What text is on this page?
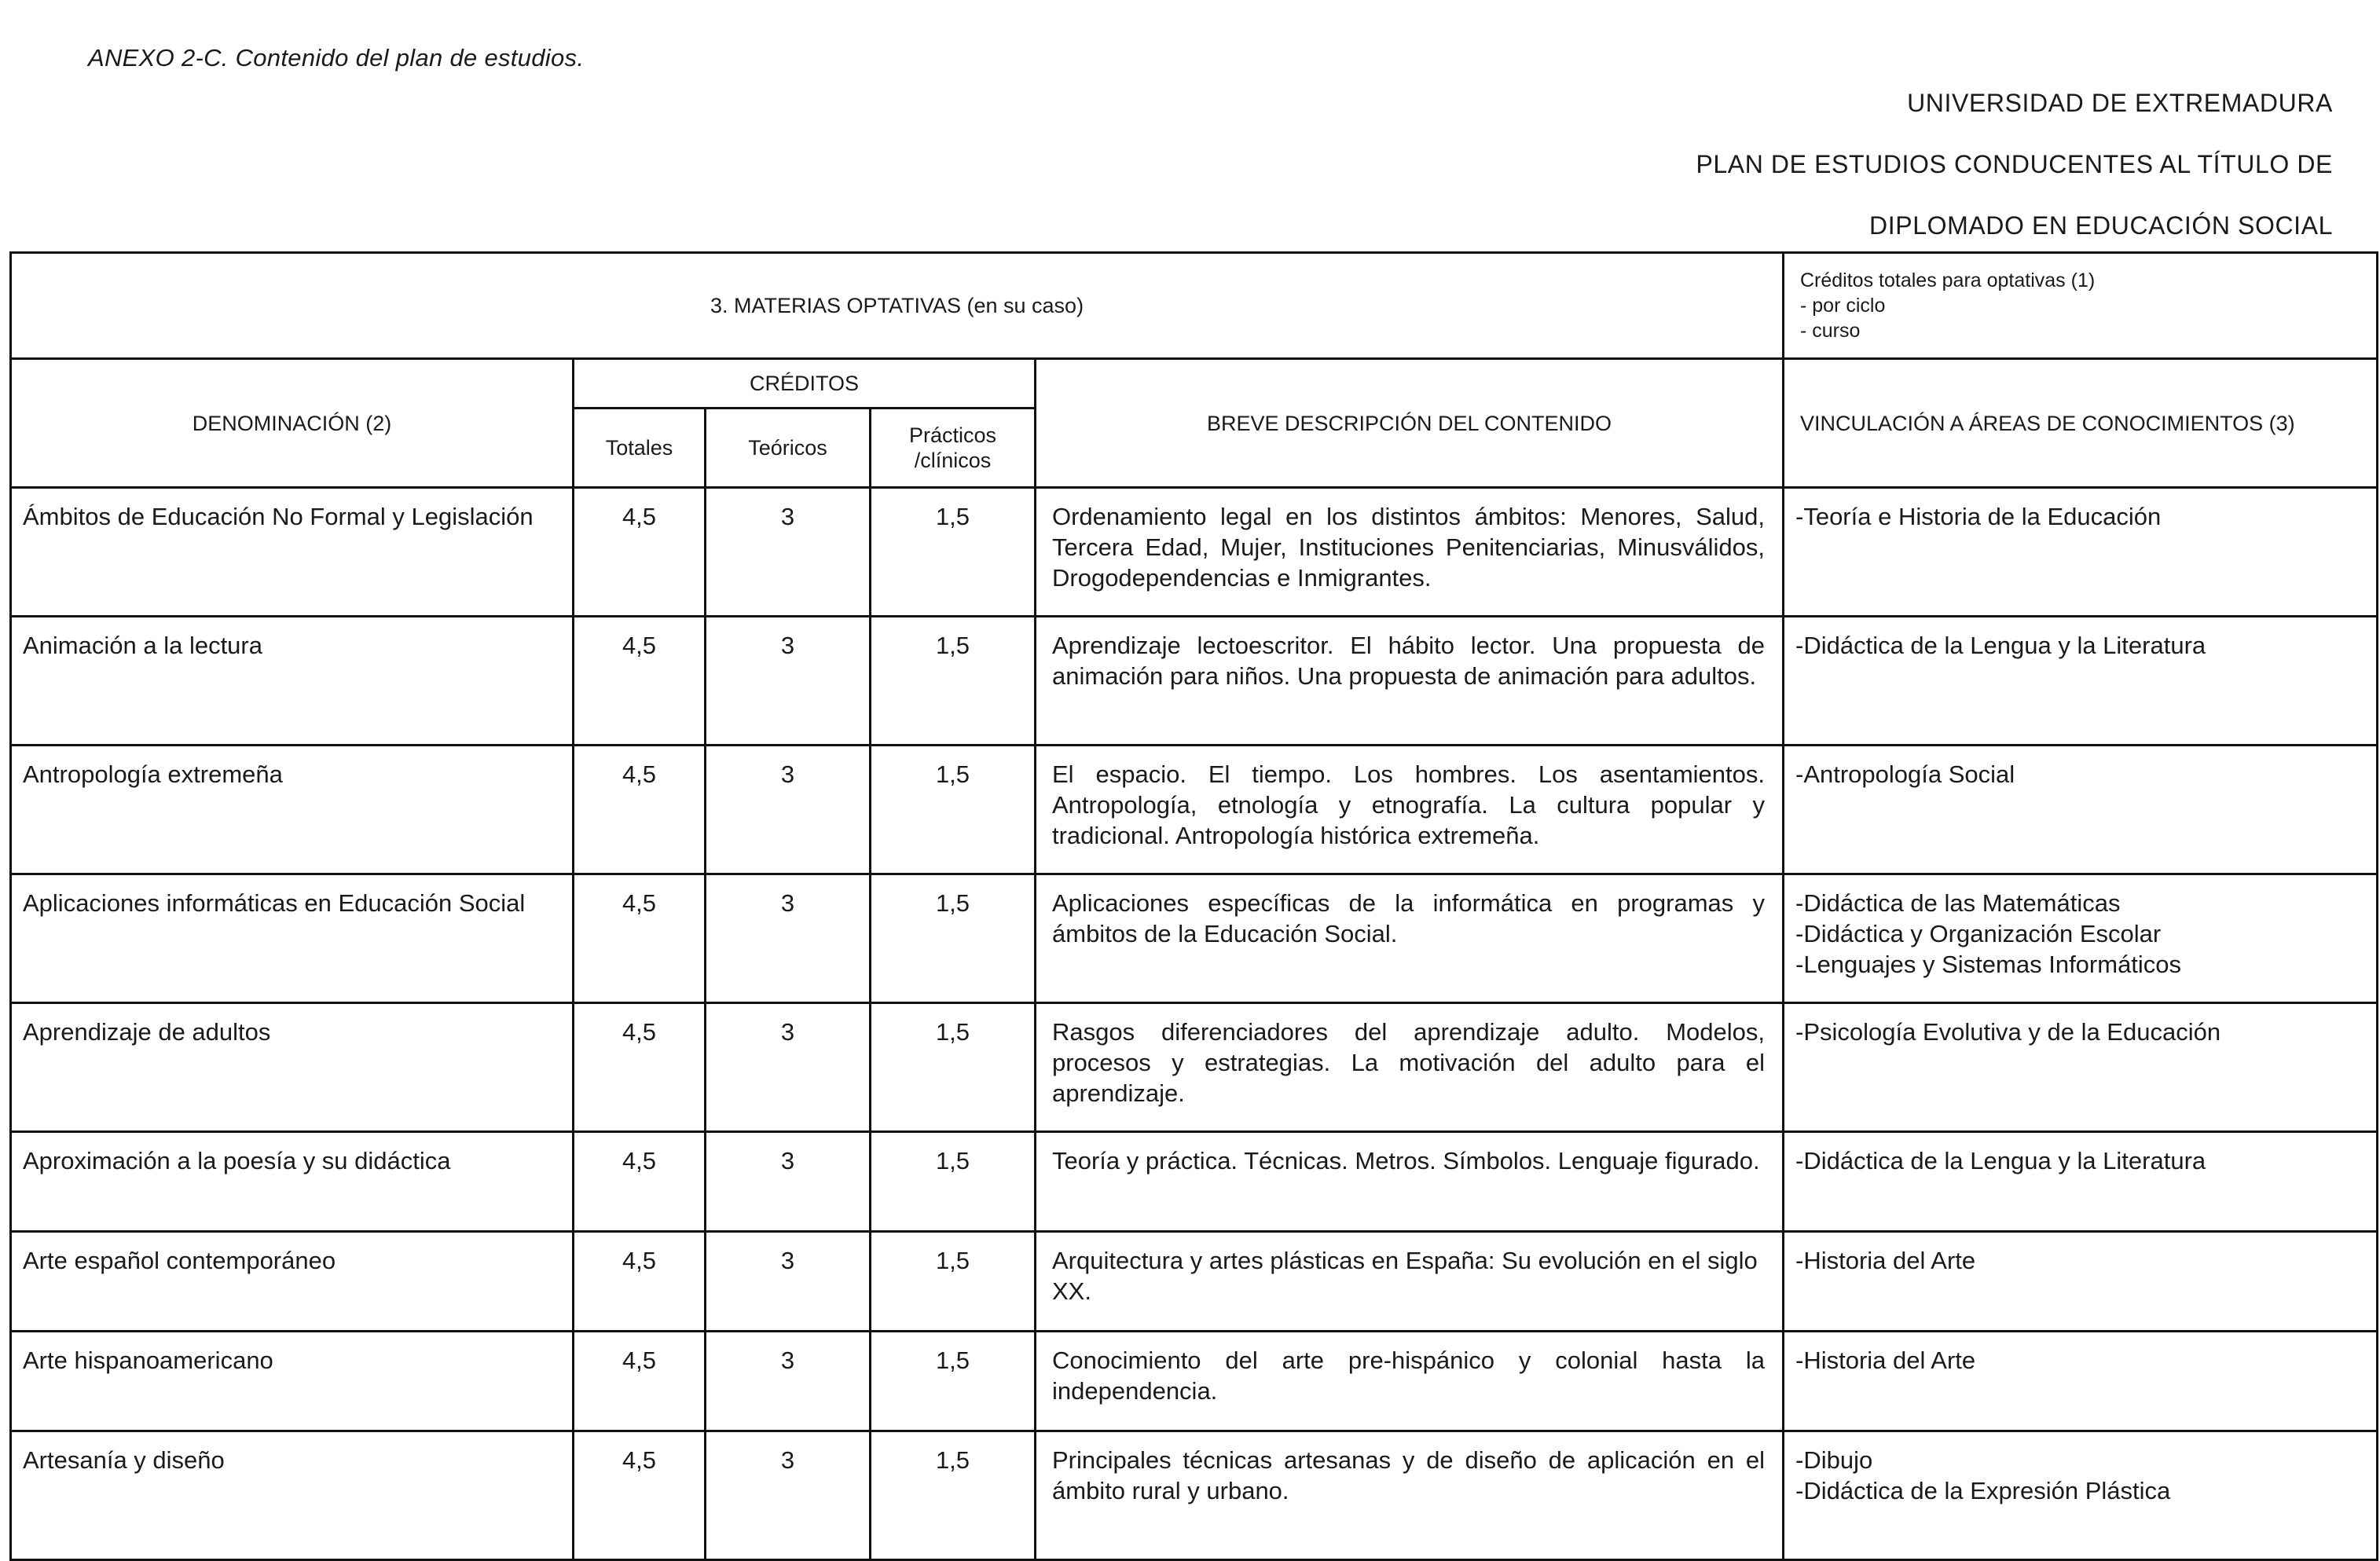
ANEXO 2-C. Contenido del plan de estudios.
UNIVERSIDAD DE EXTREMADURA
PLAN DE ESTUDIOS CONDUCENTES AL TÍTULO DE
DIPLOMADO EN EDUCACIÓN SOCIAL
3. MATERIAS OPTATIVAS (en su caso)					Créditos totales para optativas (1)
- por ciclo
- curso

DENOMINACIÓN (2)	CRÉDITOS			BREVE DESCRIPCIÓN DEL CONTENIDO	VINCULACIÓN A ÁREAS DE CONOCIMIENTOS (3)
	Totales	Teóricos	Prácticos /clínicos		
Ámbitos de Educación No Formal y Legislación	4,5	3	1,5	Ordenamiento legal en los distintos ámbitos: Menores, Salud, Tercera Edad, Mujer, Instituciones Penitenciarias, Minusválidos, Drogodependencias e Inmigrantes.	-Teoría e Historia de la Educación

Animación a la lectura	4,5	3	1,5	Aprendizaje lectoescritor. El hábito lector. Una propuesta de animación para niños. Una propuesta de animación para adultos.	-Didáctica de la Lengua y la Literatura

Antropología extremeña	4,5	3	1,5	El espacio. El tiempo. Los hombres. Los asentamientos. Antropología, etnología y etnografía. La cultura popular y tradicional. Antropología histórica extremeña.	-Antropología Social

Aplicaciones informáticas en Educación Social	4,5	3	1,5	Aplicaciones específicas de la informática en programas y ámbitos de la Educación Social.	-Didáctica de las Matemáticas
-Didáctica y Organización Escolar
-Lenguajes y Sistemas Informáticos

Aprendizaje de adultos	4,5	3	1,5	Rasgos diferenciadores del aprendizaje adulto. Modelos, procesos y estrategias. La motivación del adulto para el aprendizaje.	-Psicología Evolutiva y de la Educación

Aproximación a la poesía y su didáctica	4,5	3	1,5	Teoría y práctica. Técnicas. Metros. Símbolos. Lenguaje figurado.	-Didáctica de la Lengua y la Literatura

Arte español contemporáneo	4,5	3	1,5	Arquitectura y artes plásticas en España: Su evolución en el siglo XX.	-Historia del Arte

Arte hispanoamericano	4,5	3	1,5	Conocimiento del arte pre-hispánico y colonial hasta la independencia.	-Historia del Arte

Artesanía y diseño	4,5	3	1,5	Principales técnicas artesanas y de diseño de aplicación en el ámbito rural y urbano.	-Dibujo
-Didáctica de la Expresión Plástica
